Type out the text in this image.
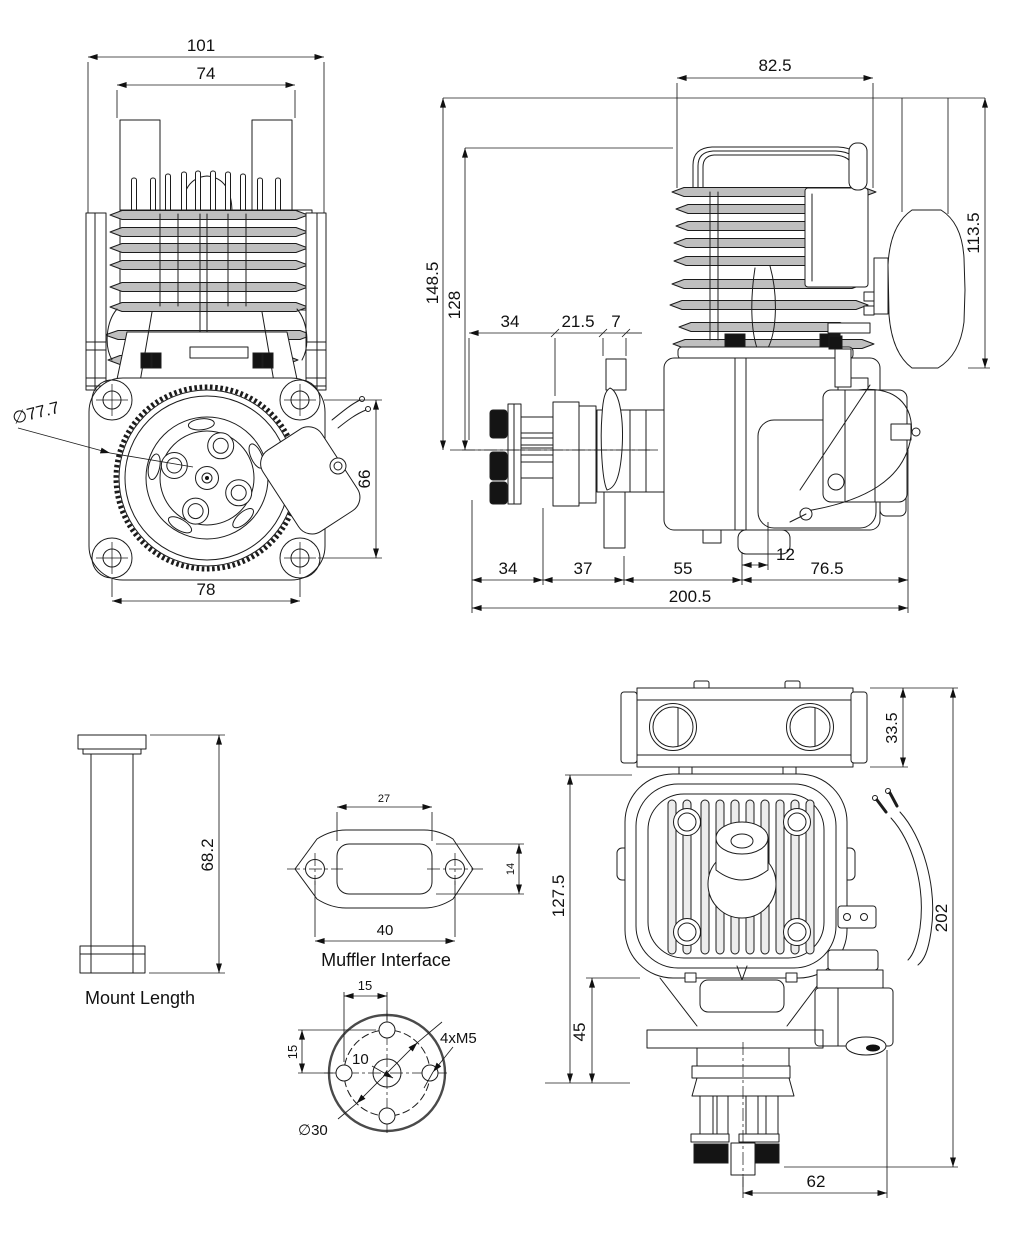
101
74
∅77.7
66
78
82.5
148.5
128
113.5
34 21.5 7
34	37	55
12
76.5
200.5
68.2
Mount Length
27
14
40
Muffler Interface
15
15	10
4xM5
∅30
33.5
202
127.5
45
62
